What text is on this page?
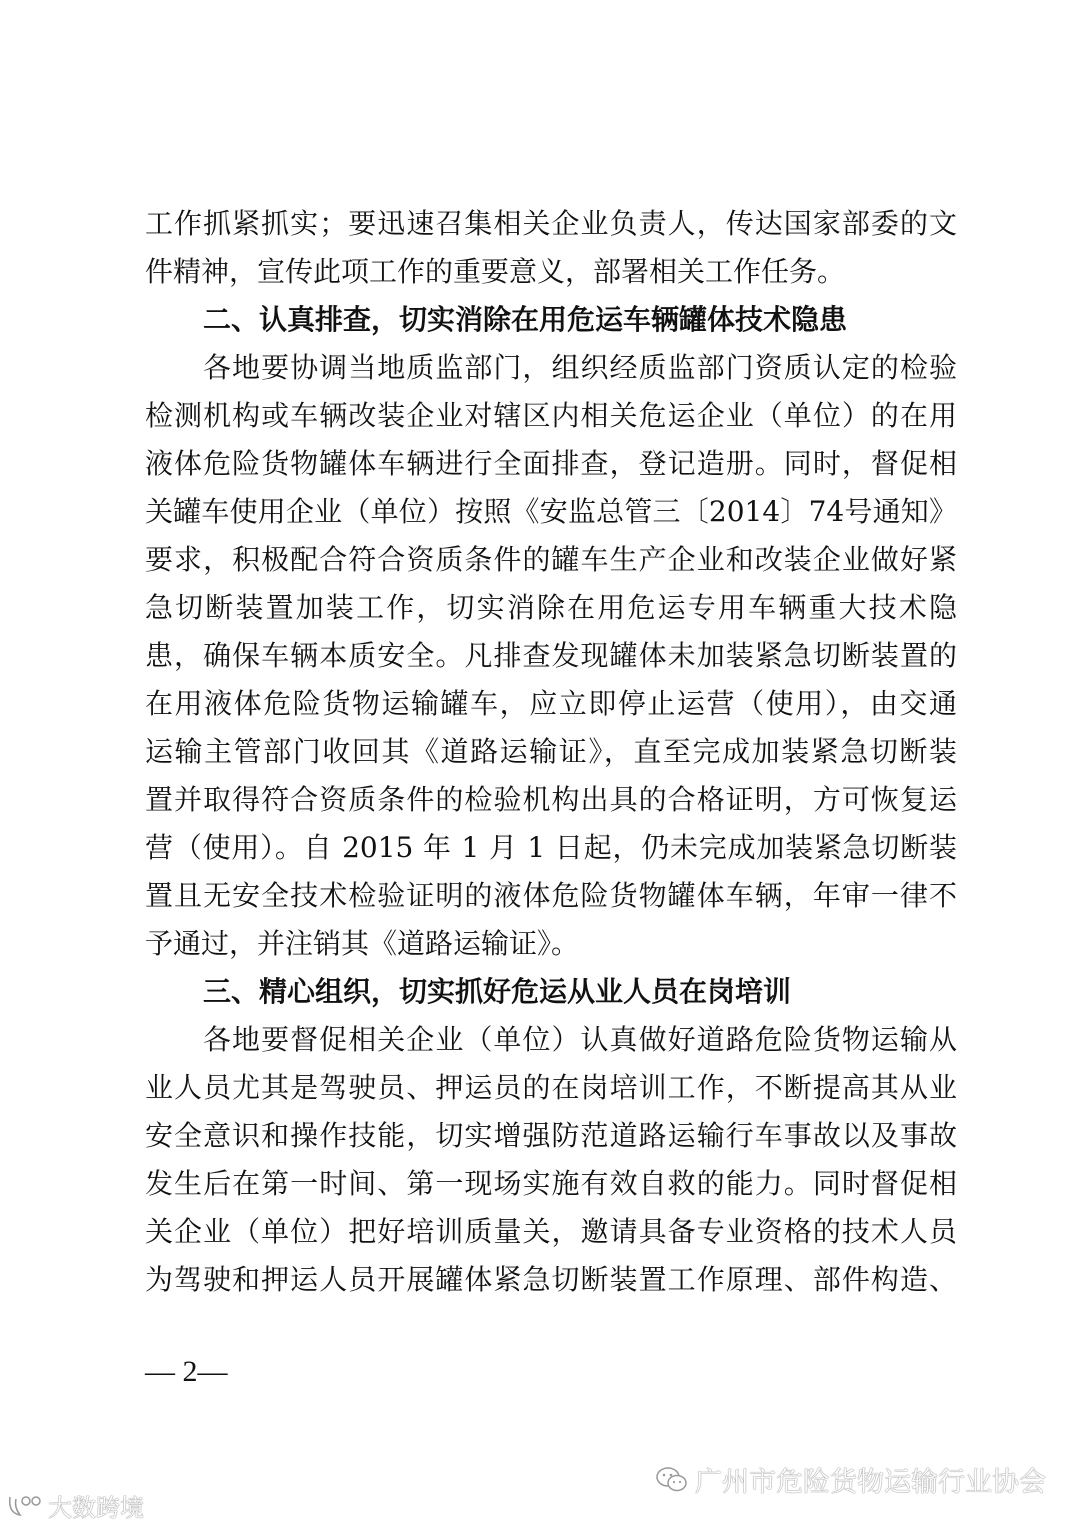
工作抓紧抓实；要迅速召集相关企业负责人，传达国家部委的文
件精神，宣传此项工作的重要意义，部署相关工作任务。
二、认真排查，切实消除在用危运车辆罐体技术隐患
各地要协调当地质监部门，组织经质监部门资质认定的检验
检测机构或车辆改装企业对辖区内相关危运企业（单位）的在用
液体危险货物罐体车辆进行全面排查，登记造册。同时，督促相
关罐车使用企业（单位）按照《安监总管三〔2014〕74号通知》
要求，积极配合符合资质条件的罐车生产企业和改装企业做好紧
急切断装置加装工作，切实消除在用危运专用车辆重大技术隐
患，确保车辆本质安全。凡排查发现罐体未加装紧急切断装置的
在用液体危险货物运输罐车，应立即停止运营（使用），由交通
运输主管部门收回其《道路运输证》，直至完成加装紧急切断装
置并取得符合资质条件的检验机构出具的合格证明，方可恢复运
营（使用）。自 2015 年 1 月 1 日起，仍未完成加装紧急切断装
置且无安全技术检验证明的液体危险货物罐体车辆，年审一律不
予通过，并注销其《道路运输证》。
三、精心组织，切实抓好危运从业人员在岗培训
各地要督促相关企业（单位）认真做好道路危险货物运输从
业人员尤其是驾驶员、押运员的在岗培训工作，不断提高其从业
安全意识和操作技能，切实增强防范道路运输行车事故以及事故
发生后在第一时间、第一现场实施有效自救的能力。同时督促相
关企业（单位）把好培训质量关，邀请具备专业资格的技术人员
为驾驶和押运人员开展罐体紧急切断装置工作原理、部件构造、
— 2—
广州市危险货物运输行业协会
大数跨境
